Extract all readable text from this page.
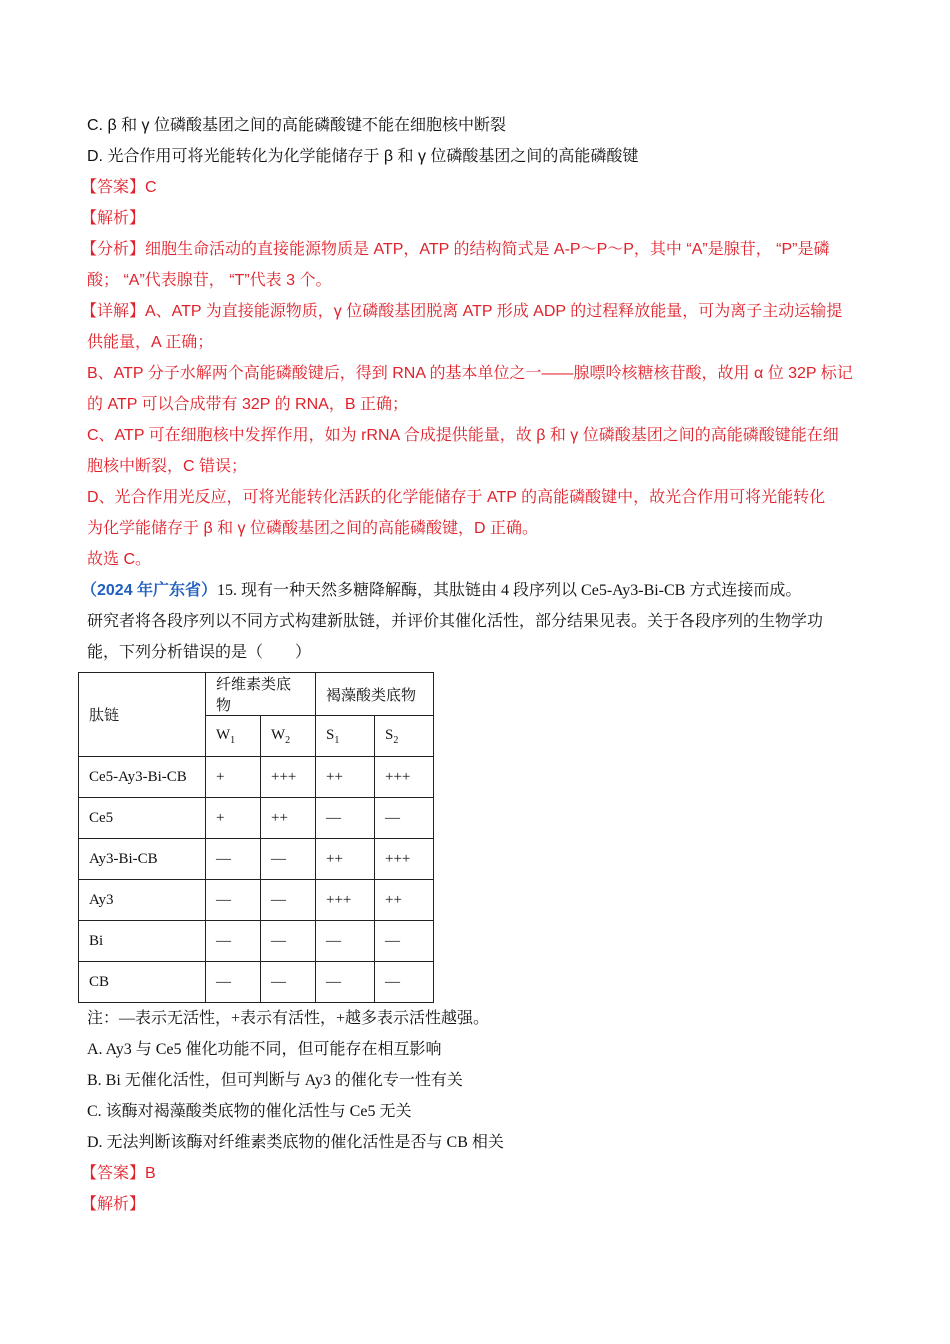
C. β 和 γ 位磷酸基团之间的高能磷酸键不能在细胞核中断裂

D. 光合作用可将光能转化为化学能储存于 β 和 γ 位磷酸基团之间的高能磷酸键

【答案】C

【解析】

【分析】细胞生命活动的直接能源物质是 ATP，ATP 的结构简式是 A-P～P～P，其中 “A”是腺苷， “P”是磷

酸； “A”代表腺苷， “T”代表 3 个。

【详解】A、ATP 为直接能源物质，γ 位磷酸基团脱离 ATP 形成 ADP 的过程释放能量，可为离子主动运输提

供能量，A 正确；

B、ATP 分子水解两个高能磷酸键后，得到 RNA 的基本单位之一——腺嘌呤核糖核苷酸，故用 α 位 32P 标记

的 ATP 可以合成带有 32P 的 RNA，B 正确；

C、ATP 可在细胞核中发挥作用，如为 rRNA 合成提供能量，故 β 和 γ 位磷酸基团之间的高能磷酸键能在细

胞核中断裂，C 错误；

D、光合作用光反应，可将光能转化活跃的化学能储存于 ATP 的高能磷酸键中，故光合作用可将光能转化

为化学能储存于 β 和 γ 位磷酸基团之间的高能磷酸键，D 正确。

故选 C。

（2024 年广东省）15. 现有一种天然多糖降解酶，其肽链由 4 段序列以 Ce5-Ay3-Bi-CB 方式连接而成。

研究者将各段序列以不同方式构建新肽链，并评价其催化活性，部分结果见表。关于各段序列的生物学功

能，下列分析错误的是（　　）

肽链	纤维素类底物		褐藻酸类底物	
	$W_1$	$W_2$	$S_1$	$S_2$
Ce5-Ay3-Bi-CB	+	+++	++	+++
Ce5	+	++	—	—
Ay3-Bi-CB	—	—	++	+++
Ay3	—	—	+++	++
Bi	—	—	—	—
CB	—	—	—	—

注：—表示无活性，+表示有活性，+越多表示活性越强。

A. Ay3 与 Ce5 催化功能不同，但可能存在相互影响

B. Bi 无催化活性，但可判断与 Ay3 的催化专一性有关

C. 该酶对褐藻酸类底物的催化活性与 Ce5 无关

D. 无法判断该酶对纤维素类底物的催化活性是否与 CB 相关

【答案】B

【解析】
